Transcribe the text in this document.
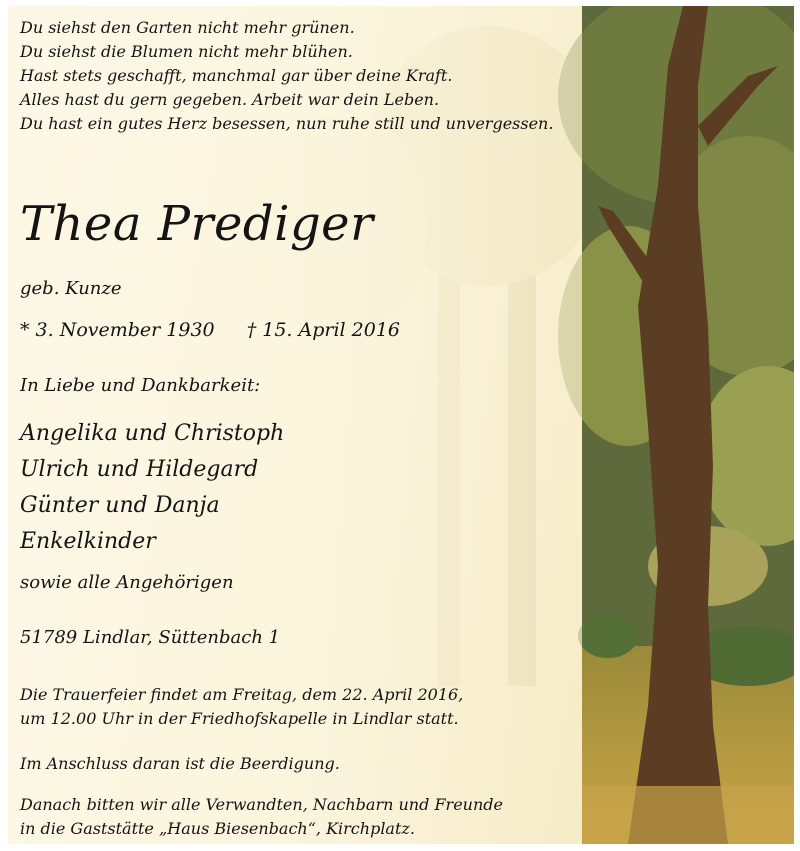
Du siehst den Garten nicht mehr grünen.
Du siehst die Blumen nicht mehr blühen.
Hast stets geschafft, manchmal gar über deine Kraft.
Alles hast du gern gegeben. Arbeit war dein Leben.
Du hast ein gutes Herz besessen, nun ruhe still und unvergessen.
Thea Prediger
geb. Kunze
* 3. November 1930 † 15. April 2016
In Liebe und Dankbarkeit:
Angelika und Christoph
Ulrich und Hildegard
Günter und Danja
Enkelkinder
sowie alle Angehörigen
51789 Lindlar, Süttenbach 1
Die Trauerfeier findet am Freitag, dem 22. April 2016,
um 12.00 Uhr in der Friedhofskapelle in Lindlar statt.
Im Anschluss daran ist die Beerdigung.
Danach bitten wir alle Verwandten, Nachbarn und Freunde
in die Gaststätte „Haus Biesenbach“, Kirchplatz.
